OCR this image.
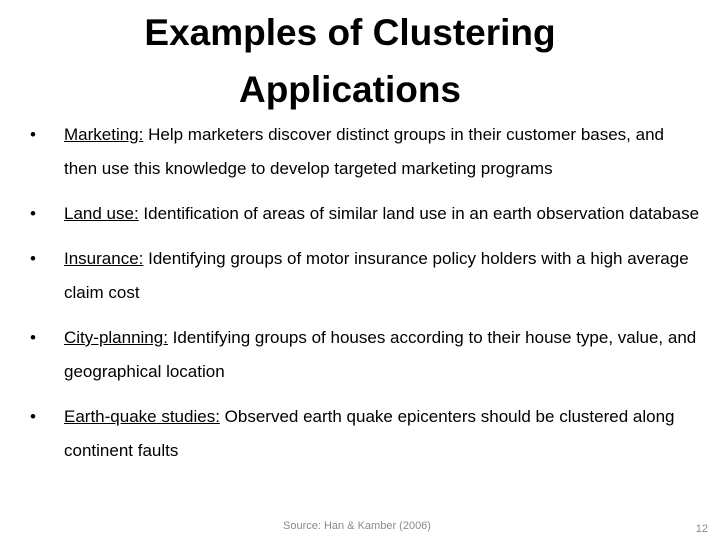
Examples of Clustering
Applications
• Marketing: Help marketers discover distinct groups in their customer bases, and then use this knowledge to develop targeted marketing programs
• Land use: Identification of areas of similar land use in an earth observation database
• Insurance: Identifying groups of motor insurance policy holders with a high average claim cost
• City-planning: Identifying groups of houses according to their house type, value, and geographical location
• Earth-quake studies: Observed earth quake epicenters should be clustered along continent faults
Source: Han & Kamber (2006)	12
